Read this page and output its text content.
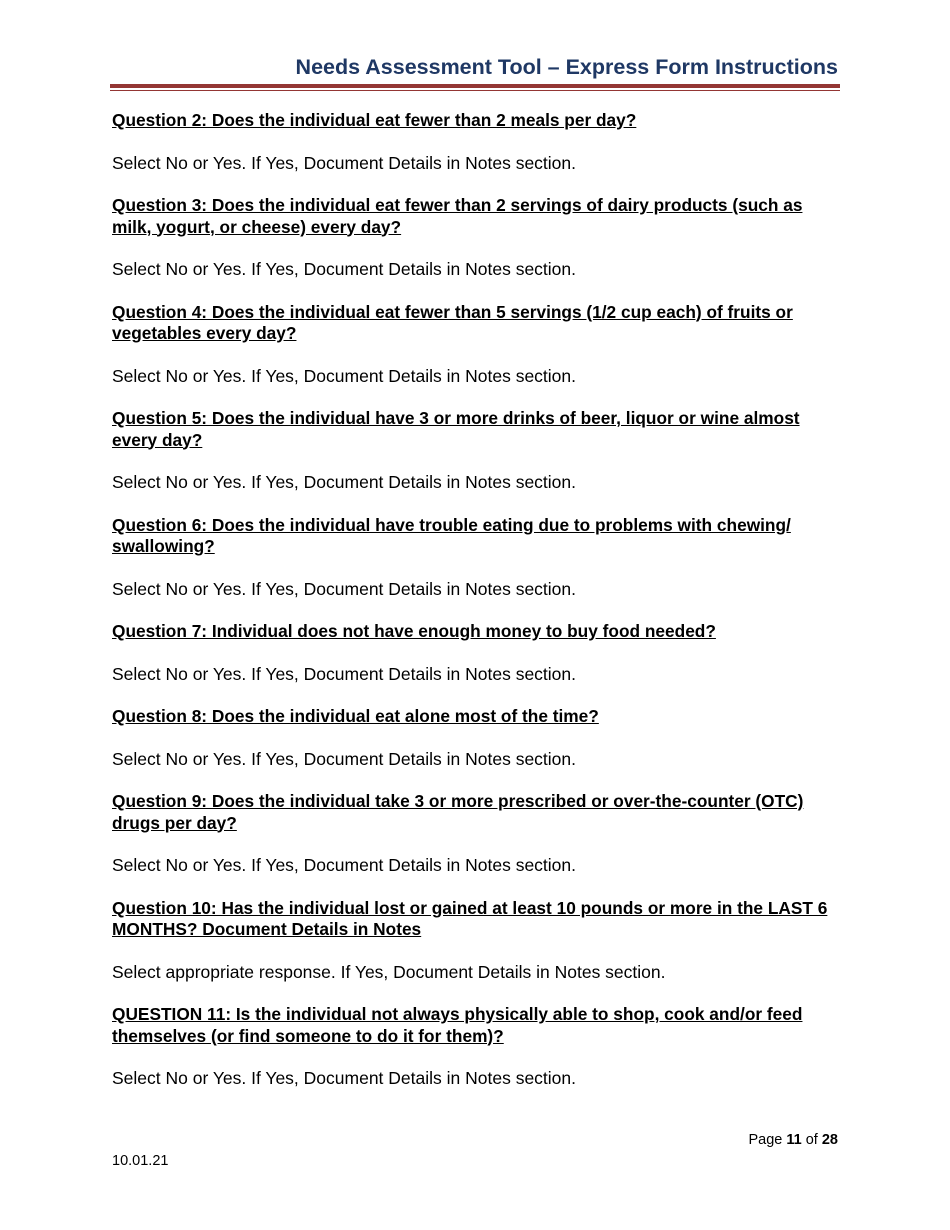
Needs Assessment Tool – Express Form Instructions

Question 2: Does the individual eat fewer than 2 meals per day?

Select No or Yes. If Yes, Document Details in Notes section.

Question 3: Does the individual eat fewer than 2 servings of dairy products (such as milk, yogurt, or cheese) every day?

Select No or Yes. If Yes, Document Details in Notes section.

Question 4: Does the individual eat fewer than 5 servings (1/2 cup each) of fruits or vegetables every day?

Select No or Yes. If Yes, Document Details in Notes section.

Question 5: Does the individual have 3 or more drinks of beer, liquor or wine almost every day?

Select No or Yes. If Yes, Document Details in Notes section.

Question 6: Does the individual have trouble eating due to problems with chewing/ swallowing?

Select No or Yes. If Yes, Document Details in Notes section.

Question 7: Individual does not have enough money to buy food needed?

Select No or Yes. If Yes, Document Details in Notes section.

Question 8: Does the individual eat alone most of the time?

Select No or Yes. If Yes, Document Details in Notes section.

Question 9: Does the individual take 3 or more prescribed or over-the-counter (OTC) drugs per day?

Select No or Yes. If Yes, Document Details in Notes section.

Question 10: Has the individual lost or gained at least 10 pounds or more in the LAST 6 MONTHS? Document Details in Notes

Select appropriate response. If Yes, Document Details in Notes section.

QUESTION 11: Is the individual not always physically able to shop, cook and/or feed themselves (or find someone to do it for them)?

Select No or Yes. If Yes, Document Details in Notes section.

Page 11 of 28
10.01.21
